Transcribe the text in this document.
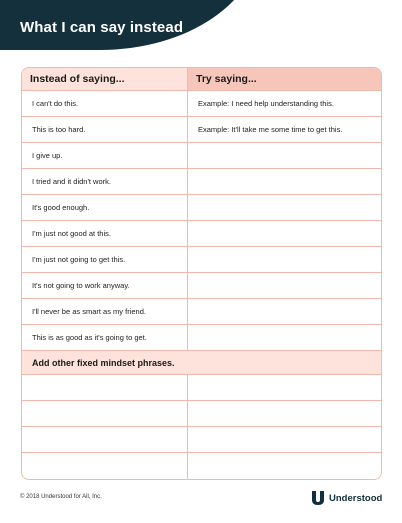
What I can say instead
Instead of saying...	Try saying...
I can't do this.	Example: I need help understanding this.
This is too hard.	Example: It'll take me some time to get this.
I give up.
I tried and it didn't work.
It's good enough.
I'm just not good at this.
I'm just not going to get this.
It's not going to work anyway.
I'll never be as smart as my friend.
This is as good as it's going to get.
Add other fixed mindset phrases.
© 2018 Understood for All, Inc.	Understood
